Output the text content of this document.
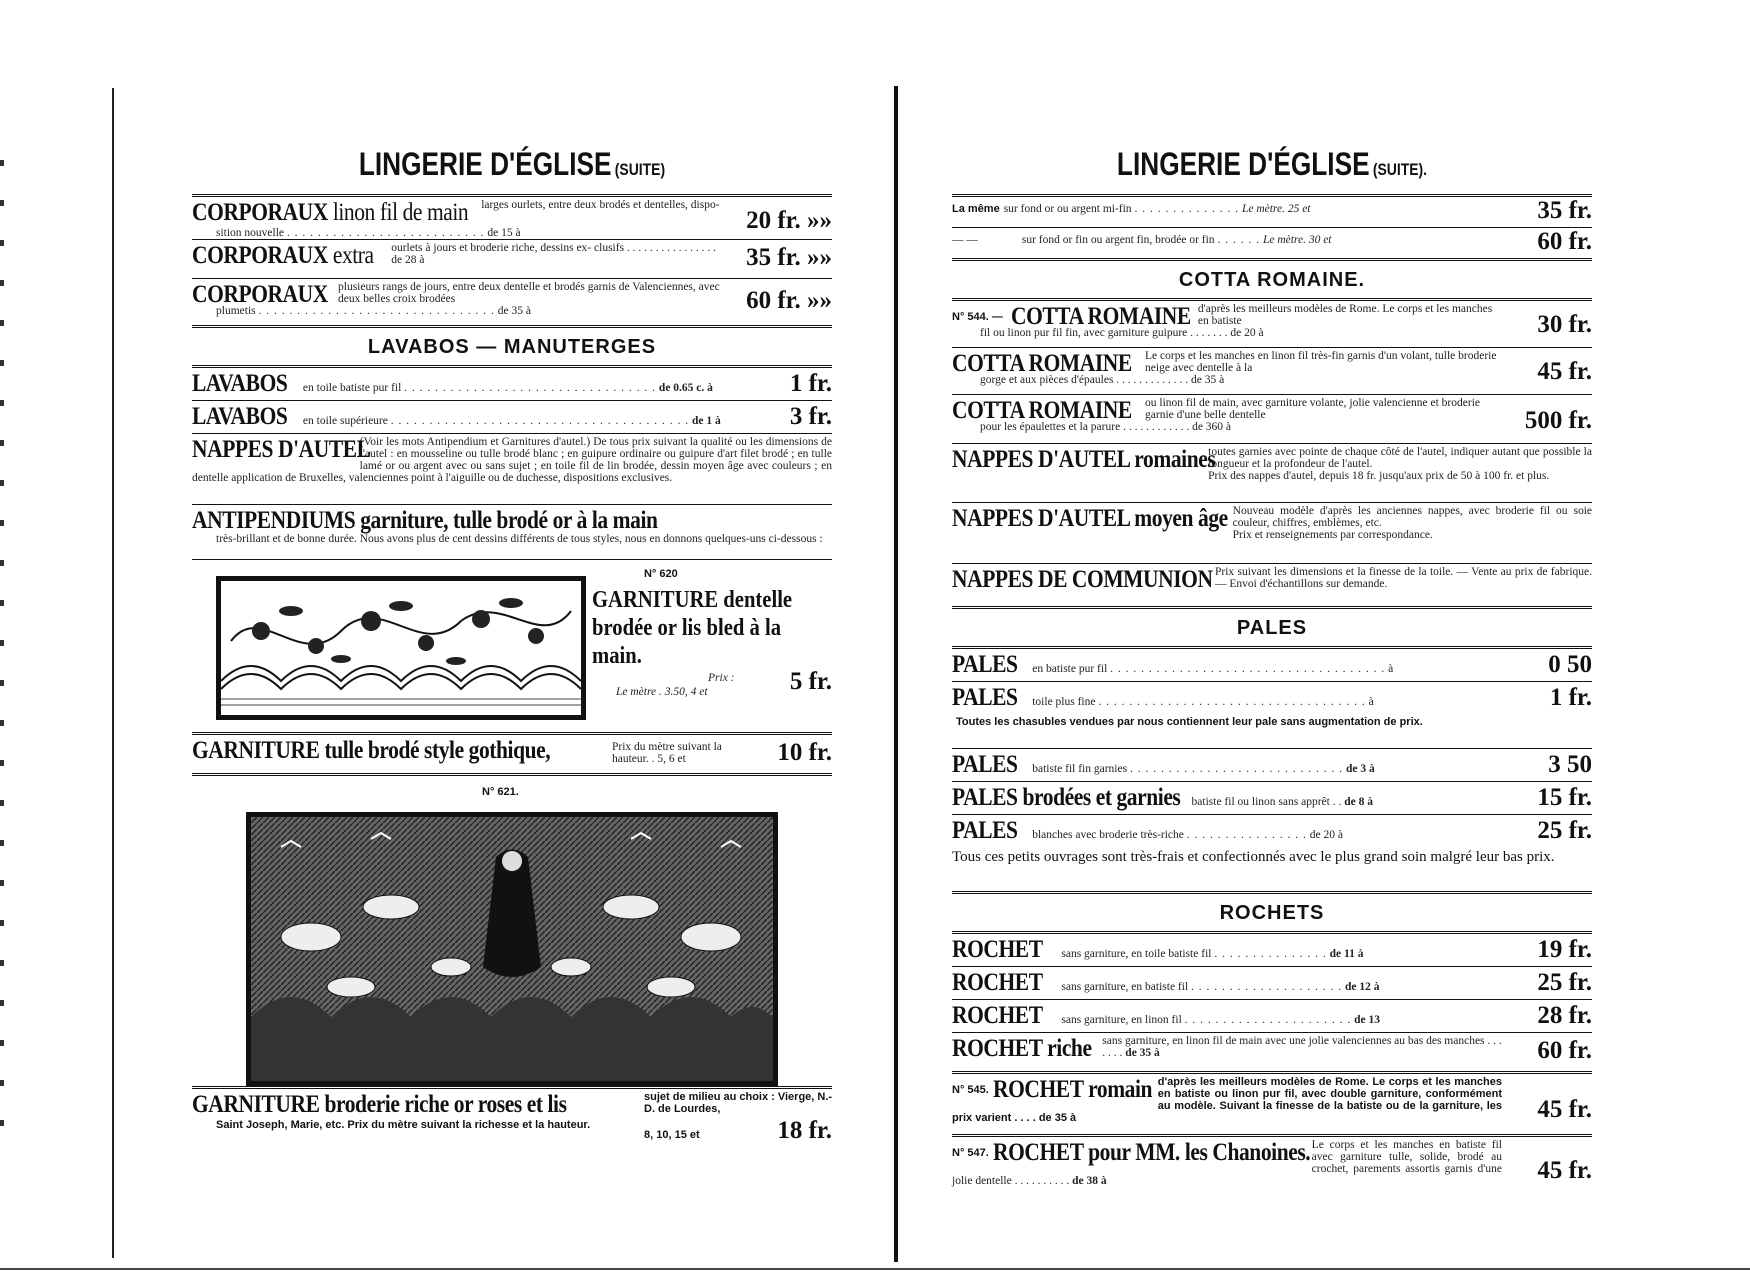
LINGERIE D'ÉGLISE (SUITE)
CORPORAUX linon fil de main larges ourlets, entre deux brodés et dentelles, dispo-
sition nouvelle . . . . . . . . . . . . . . . . . . . . . . . . . . de 15 à	20 fr. »»
CORPORAUX extra ourlets à jours et broderie riche, dessins ex- clusifs . . . . . . . . . . . . . . . . de 28 à	35 fr. »»
CORPORAUX plusieurs rangs de jours, entre deux dentelle et brodés garnis de Valenciennes, avec deux belles croix brodées
plumetis . . . . . . . . . . . . . . . . . . . . . . . . . . . . . . . de 35 à	60 fr. »»
LAVABOS — MANUTERGES
LAVABOS en toile batiste pur fil . . . . . . . . . . . . . . . . . . . . . . . . . . . . . . . . . de 0.65 c. à	1 fr.
LAVABOS en toile supérieure . . . . . . . . . . . . . . . . . . . . . . . . . . . . . . . . . . . . . . . de 1 à	3 fr.
NAPPES D'AUTEL
(Voir les mots Antipendium et Garnitures d'autel.) De tous prix suivant la qualité ou les dimensions de l'autel : en mousseline ou tulle brodé blanc ; en guipure ordinaire ou guipure d'art filet brodé ; en tulle lamé or ou argent avec ou sans sujet ; en toile fil de lin brodée, dessin moyen âge avec couleurs ; en dentelle application de Bruxelles, valenciennes point à l'aiguille ou de duchesse, dispositions exclusives.
ANTIPENDIUMS garniture, tulle brodé or à la main
très-brillant et de bonne durée. Nous avons plus de cent dessins différents de tous styles, nous en donnons quelques-uns ci-dessous :
N° 620
GARNITURE dentelle brodée or lis bled à la main.
Prix :
Le mètre . 3.50, 4 et	5 fr.
GARNITURE tulle brodé style gothique,	Prix du mètre suivant la hauteur. . 5, 6 et	10 fr.
N° 621.
GARNITURE broderie riche or roses et lis	sujet de milieu au choix : Vierge, N.-D. de Lourdes,
Saint Joseph, Marie, etc. Prix du mètre suivant la richesse et la hauteur.
8, 10, 15 et	18 fr.
LINGERIE D'ÉGLISE (SUITE).
La même sur fond or ou argent mi-fin . . . . . . . . . . . . . . Le mètre. 25 et	35 fr.
— —	sur fond or fin ou argent fin, brodée or fin . . . . . . Le mètre. 30 et	60 fr.
COTTA ROMAINE.
N° 544. — COTTA ROMAINE d'après les meilleurs modèles de Rome. Le corps et les manches en batiste
fil ou linon pur fil fin, avec garniture guipure . . . . . . . de 20 à	30 fr.
COTTA ROMAINE Le corps et les manches en linon fil très-fin garnis d'un volant, tulle broderie neige avec dentelle à la
gorge et aux pièces d'épaules . . . . . . . . . . . . . de 35 à	45 fr.
COTTA ROMAINE ou linon fil de main, avec garniture volante, jolie valencienne et broderie garnie d'une belle dentelle
pour les épaulettes et la parure . . . . . . . . . . . . de 360 à	500 fr.
NAPPES D'AUTEL romaines
toutes garnies avec pointe de chaque côté de l'autel, indiquer autant que possible la longueur et la profondeur de l'autel.
Prix des nappes d'autel, depuis 18 fr. jusqu'aux prix de 50 à 100 fr. et plus.
NAPPES D'AUTEL moyen âge Nouveau modèle d'après les anciennes nappes, avec broderie fil ou soie couleur, chiffres, emblèmes, etc.
Prix et renseignements par correspondance.
NAPPES DE COMMUNION Prix suivant les dimensions et la finesse de la toile. — Vente au prix de fabrique. — Envoi d'échantillons sur demande.
PALES
PALES en batiste pur fil . . . . . . . . . . . . . . . . . . . . . . . . . . . . . . . . . . . . à	0 50
PALES toile plus fine . . . . . . . . . . . . . . . . . . . . . . . . . . . . . . . . . . . à	1 fr.
Toutes les chasubles vendues par nous contiennent leur pale sans augmentation de prix.
PALES batiste fil fin garnies . . . . . . . . . . . . . . . . . . . . . . . . . . . . de 3 à	3 50
PALES brodées et garnies batiste fil ou linon sans apprêt . . de 8 à	15 fr.
PALES blanches avec broderie très-riche . . . . . . . . . . . . . . . . de 20 à	25 fr.
Tous ces petits ouvrages sont très-frais et confectionnés avec le plus grand soin malgré leur bas prix.
ROCHETS
ROCHET sans garniture, en toile batiste fil . . . . . . . . . . . . . . . de 11 à	19 fr.
ROCHET sans garniture, en batiste fil . . . . . . . . . . . . . . . . . . . . de 12 à	25 fr.
ROCHET sans garniture, en linon fil . . . . . . . . . . . . . . . . . . . . . . de 13	28 fr.
ROCHET riche sans garniture, en linon fil de main avec une jolie valenciennes au bas des manches . . . . . . . de 35 à	60 fr.
N° 545. ROCHET romain d'après les meilleurs modèles de Rome. Le corps et les manches en batiste ou linon pur fil, avec double garniture, conformément au modèle. Suivant la finesse de la batiste ou de la garniture, les prix varient . . . . de 35 à	45 fr.
N° 547. ROCHET pour MM. les Chanoines. Le corps et les manches en batiste fil avec garniture tulle, solide, brodé au crochet, parements assortis garnis d'une jolie dentelle . . . . . . . . . . de 38 à	45 fr.
